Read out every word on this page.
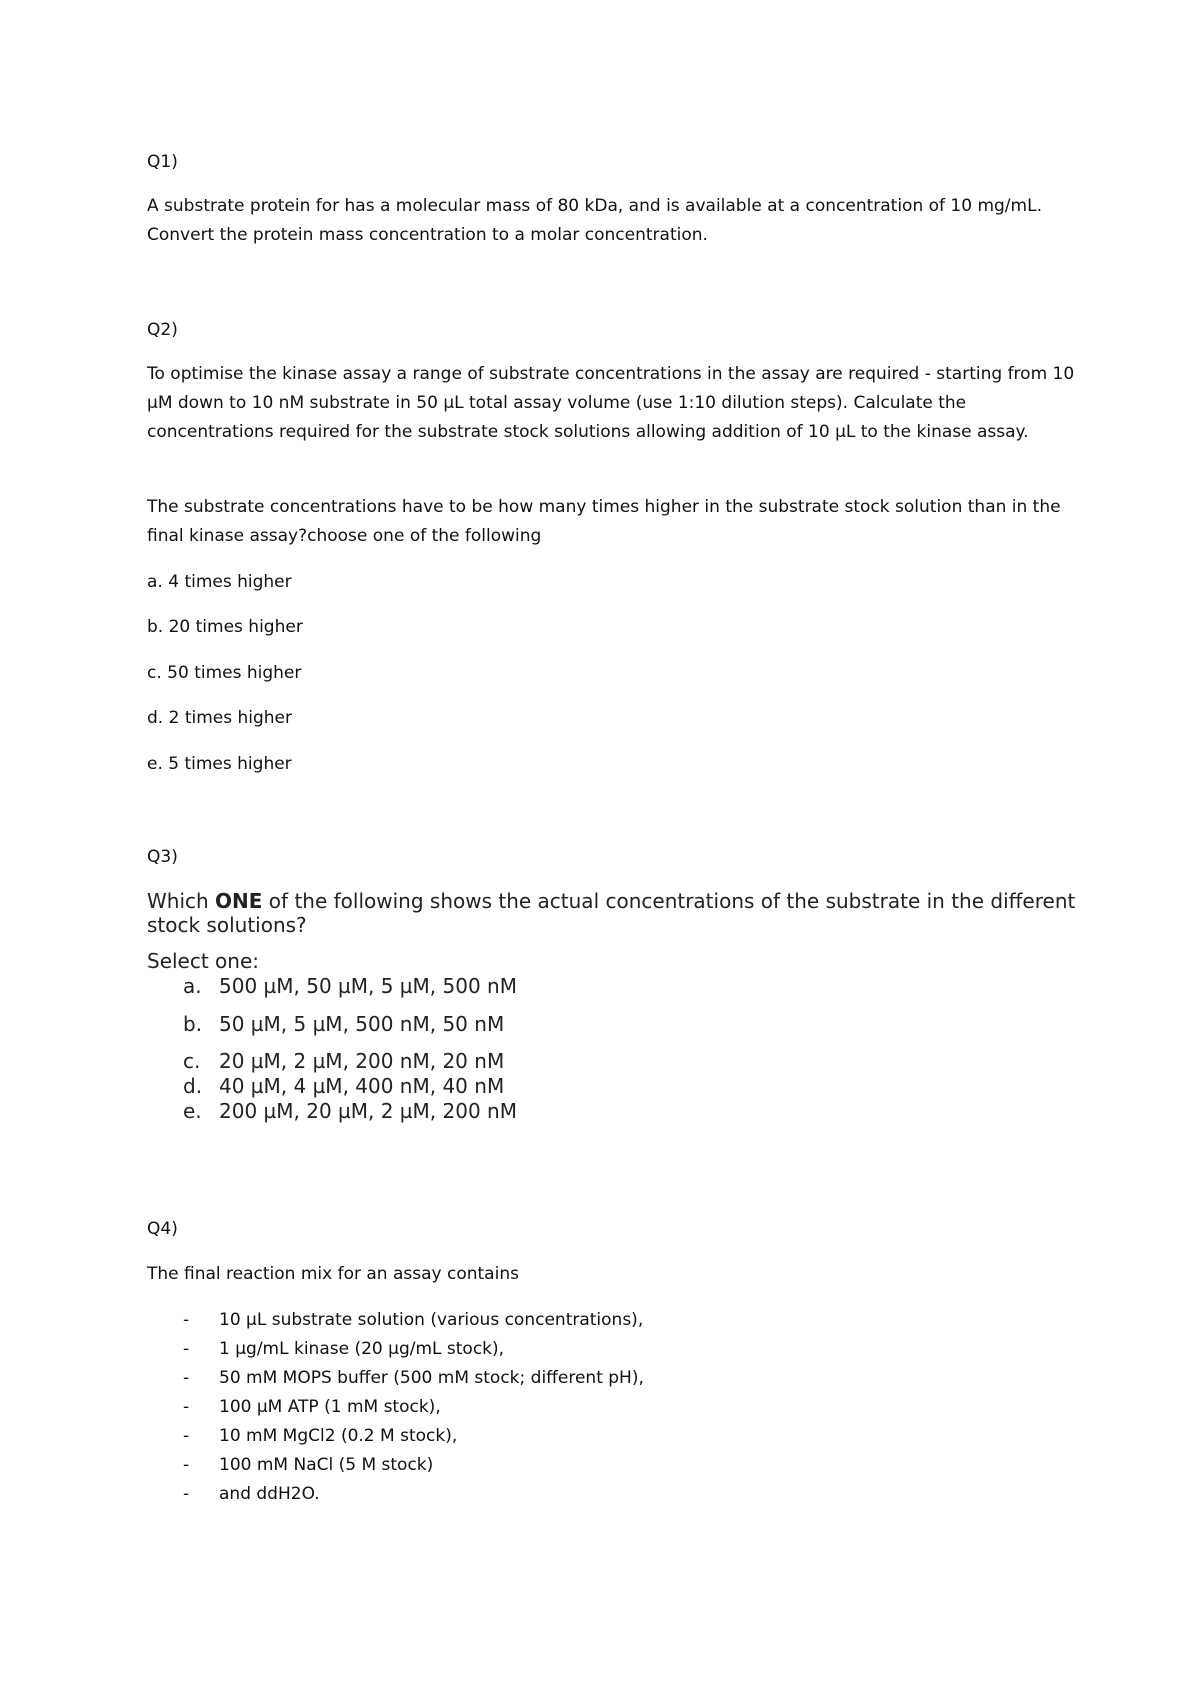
Q1)

A substrate protein for has a molecular mass of 80 kDa, and is available at a concentration of 10 mg/mL. Convert the protein mass concentration to a molar concentration.

Q2)

To optimise the kinase assay a range of substrate concentrations in the assay are required - starting from 10 µM down to 10 nM substrate in 50 µL total assay volume (use 1:10 dilution steps). Calculate the concentrations required for the substrate stock solutions allowing addition of 10 µL to the kinase assay.

The substrate concentrations have to be how many times higher in the substrate stock solution than in the final kinase assay?choose one of the following

a. 4 times higher

b. 20 times higher

c. 50 times higher

d. 2 times higher

e. 5 times higher

Q3)

Which ONE of the following shows the actual concentrations of the substrate in the different stock solutions?

Select one:

a. 500 µM, 50 µM, 5 µM, 500 nM
b. 50 µM, 5 µM, 500 nM, 50 nM
c. 20 µM, 2 µM, 200 nM, 20 nM
d. 40 µM, 4 µM, 400 nM, 40 nM
e. 200 µM, 20 µM, 2 µM, 200 nM

Q4)

The final reaction mix for an assay contains

-	10 µL substrate solution (various concentrations),
-	1 µg/mL kinase (20 µg/mL stock),
-	50 mM MOPS buffer (500 mM stock; different pH),
-	100 µM ATP (1 mM stock),
-	10 mM MgCl2 (0.2 M stock),
-	100 mM NaCl (5 M stock)
-	and ddH2O.
